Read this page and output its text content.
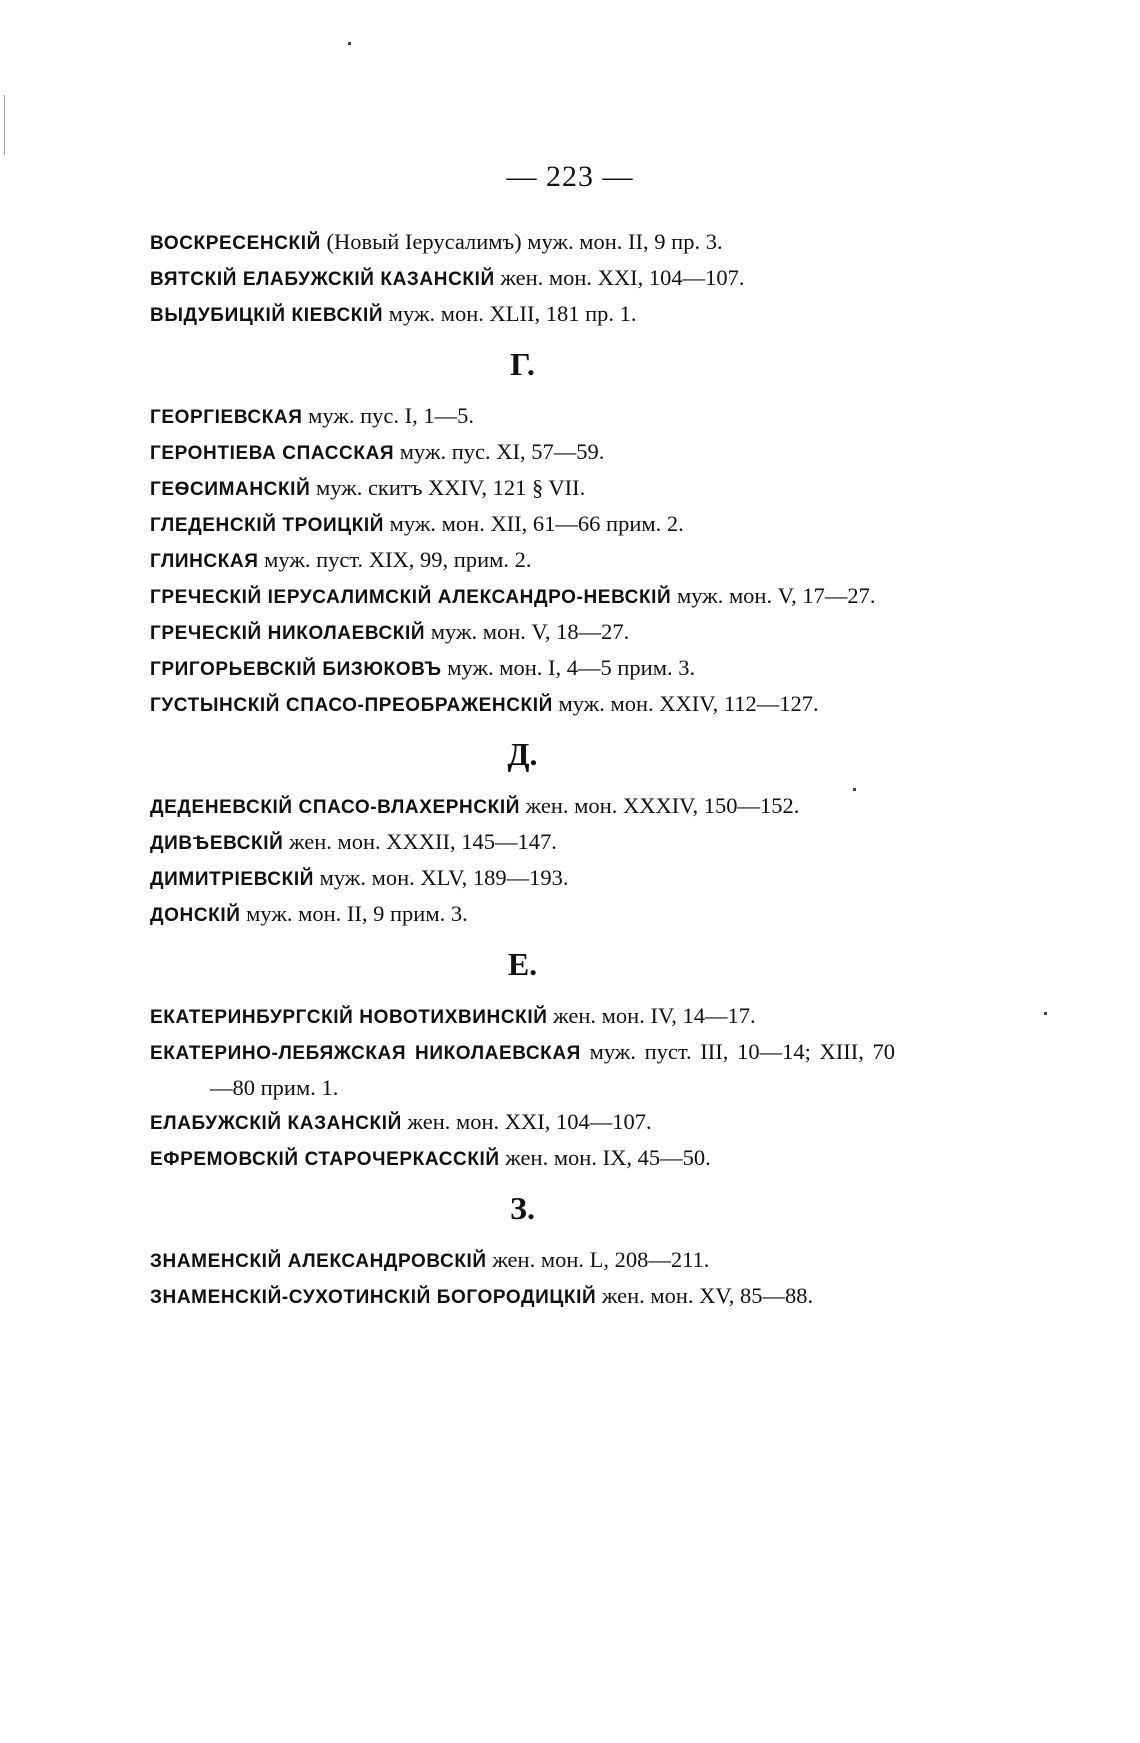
— 223 —

ВОСКРЕСЕНСКІЙ (Новый Іерусалимъ) муж. мон. II, 9 пр. 3.

ВЯТСКІЙ ЕЛАБУЖСКІЙ КАЗАНСКІЙ жен. мон. XXI, 104—107.

ВЫДУБИЦКІЙ КІЕВСКІЙ муж. мон. XLII, 181 пр. 1.

Г.

ГЕОРГІЕВСКАЯ муж. пус. I, 1—5.

ГЕРОНТІЕВА СПАССКАЯ муж. пус. XI, 57—59.

ГЕѲСИМАНСКІЙ муж. скитъ XXIV, 121 § VII.

ГЛЕДЕНСКІЙ ТРОИЦКІЙ муж. мон. XII, 61—66 прим. 2.

ГЛИНСКАЯ муж. пуст. XIX, 99, прим. 2.

ГРЕЧЕСКІЙ ІЕРУСАЛИМСКІЙ АЛЕКСАНДРО-НЕВСКІЙ муж. мон. V, 17—27.

ГРЕЧЕСКІЙ НИКОЛАЕВСКІЙ муж. мон. V, 18—27.

ГРИГОРЬЕВСКІЙ БИЗЮКОВЪ муж. мон. I, 4—5 прим. 3.

ГУСТЫНСКІЙ СПАСО-ПРЕОБРАЖЕНСКІЙ муж. мон. XXIV, 112—127.

Д.

ДЕДЕНЕВСКІЙ СПАСО-ВЛАХЕРНСКІЙ жен. мон. XXXIV, 150—152.

ДИВѢЕВСКІЙ жен. мон. XXXII, 145—147.

ДИМИТРІЕВСКІЙ муж. мон. XLV, 189—193.

ДОНСКІЙ муж. мон. II, 9 прим. 3.

Е.

ЕКАТЕРИНБУРГСКІЙ НОВОТИХВИНСКІЙ жен. мон. IV, 14—17.

ЕКАТЕРИНО-ЛЕБЯЖСКАЯ НИКОЛАЕВСКАЯ муж. пуст. III, 10—14; XIII, 70—80 прим. 1.

ЕЛАБУЖСКІЙ КАЗАНСКІЙ жен. мон. XXI, 104—107.

ЕФРЕМОВСКІЙ СТАРОЧЕРКАССКІЙ жен. мон. IX, 45—50.

З.

ЗНАМЕНСКІЙ АЛЕКСАНДРОВСКІЙ жен. мон. L, 208—211.

ЗНАМЕНСКІЙ-СУХОТИНСКІЙ БОГОРОДИЦКІЙ жен. мон. XV, 85—88.
